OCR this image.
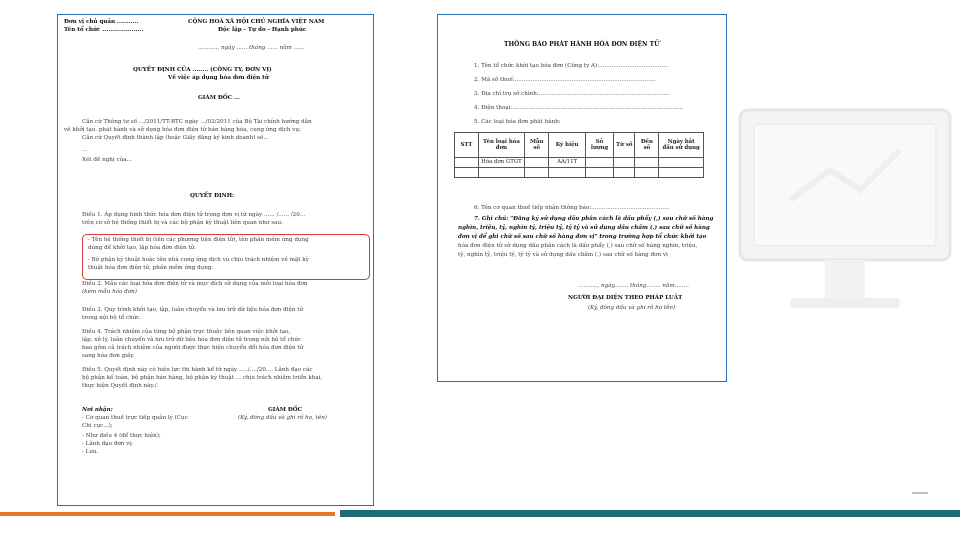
Đơn vị chủ quản ...........
Tên tổ chức .....................
CỘNG HOÀ XÃ HỘI CHỦ NGHĨA VIỆT NAM
Độc lập - Tự do - Hạnh phúc
..........., ngày ...... tháng ...... năm ......
QUYẾT ĐỊNH CỦA ........ (CÔNG TY, ĐƠN VỊ)
Về việc áp dụng hóa đơn điện tử
GIÁM ĐỐC ...
Căn cứ Thông tư số .../2011/TT-BTC ngày .../02/2011 của Bộ Tài chính hướng dẫn
về khởi tạo, phát hành và sử dụng hóa đơn điện tử bán hàng hóa, cung ứng dịch vụ;
Căn cứ Quyết định thành lập (hoặc Giấy đăng ký kinh doanh) số...
...
Xét đề nghị của...
QUYẾT ĐỊNH:
Điều 1. Áp dụng hình thức hóa đơn điện tử trong đơn vị từ ngày ...... /...... /20...
trên cơ sở hệ thống thiết bị và các bộ phận kỹ thuật liên quan như sau:
- Tên hệ thống thiết bị (tên các phương tiện điện tử), tên phần mềm ứng dụng
dùng để khởi tạo, lập hóa đơn điện tử.
- Bộ phận kỹ thuật hoặc tên nhà cung ứng dịch vụ chịu trách nhiệm về mặt kỹ
thuật hóa đơn điện tử, phần mềm ứng dụng.
Điều 2. Mẫu các loại hóa đơn điện tử và mục đích sử dụng của mỗi loại hóa đơn
(kèm mẫu hóa đơn)
Điều 3. Quy trình khởi tạo, lập, luân chuyển và lưu trữ dữ liệu hóa đơn điện tử
trong nội bộ tổ chức.
Điều 4. Trách nhiệm của từng bộ phận trực thuộc liên quan việc khởi tạo,
lập, xử lý, luân chuyển và lưu trữ dữ liệu hóa đơn điện tử trong nội bộ tổ chức
bao gồm cả trách nhiệm của người được thực hiện chuyển đổi hóa đơn điện tử
sang hóa đơn giấy.
Điều 5. Quyết định này có hiệu lực thi hành kể từ ngày ...../..../20.... Lãnh đạo các
bộ phận kế toán, bộ phận bán hàng, bộ phận kỹ thuật ... chịu trách nhiệm triển khai,
thực hiện Quyết định này./.
Nơi nhận:
- Cơ quan thuế trực tiếp quản lý (Cục
Chi cục...);
- Như điều 4 (để thực hiện);
- Lãnh đạo đơn vị;
- Lưu.
GIÁM ĐỐC
(Ký, đóng dấu và ghi rõ họ, tên)
THÔNG BÁO PHÁT HÀNH HÓA ĐƠN ĐIỆN TỬ
1. Tên tổ chức khởi tạo hóa đơn (Công ty A):.......................................
2. Mã số thuế:...............................................................................
3. Địa chỉ trụ sở chính:..........................................................................
4. Điện thoại:................................................................................................
5. Các loại hóa đơn phát hành:
STT	Tên loại hóa đơn	Mẫu số	Ký hiệu	Số lượng	Từ số	Đến số	Ngày bắt đầu sử dụng
	Hóa đơn GTGT		AA/11T				

6. Tên cơ quan thuế tiếp nhận thông báo:............................................
7. Ghi chú: "Đăng ký sử dụng dấu phân cách là dấu phẩy (,) sau chữ số hàng
nghìn, triệu, tỷ, nghìn tỷ, triệu tỷ, tỷ tỷ và sử dụng dấu chấm (.) sau chữ số hàng
đơn vị để ghi chữ số sau chữ số hàng đơn vị" trong trường hợp tổ chức khởi tạo
hóa đơn điện tử sử dụng dấu phân cách là dấu phẩy (,) sau chữ số hàng nghìn, triệu,
tỷ, nghìn tỷ, triệu tỷ, tỷ tỷ và sử dụng dấu chấm (.) sau chữ số hàng đơn vị
..........., ngày........ tháng........ năm........
NGƯỜI ĐẠI DIỆN THEO PHÁP LUẬT
(Ký, đóng dấu và ghi rõ họ tên)
